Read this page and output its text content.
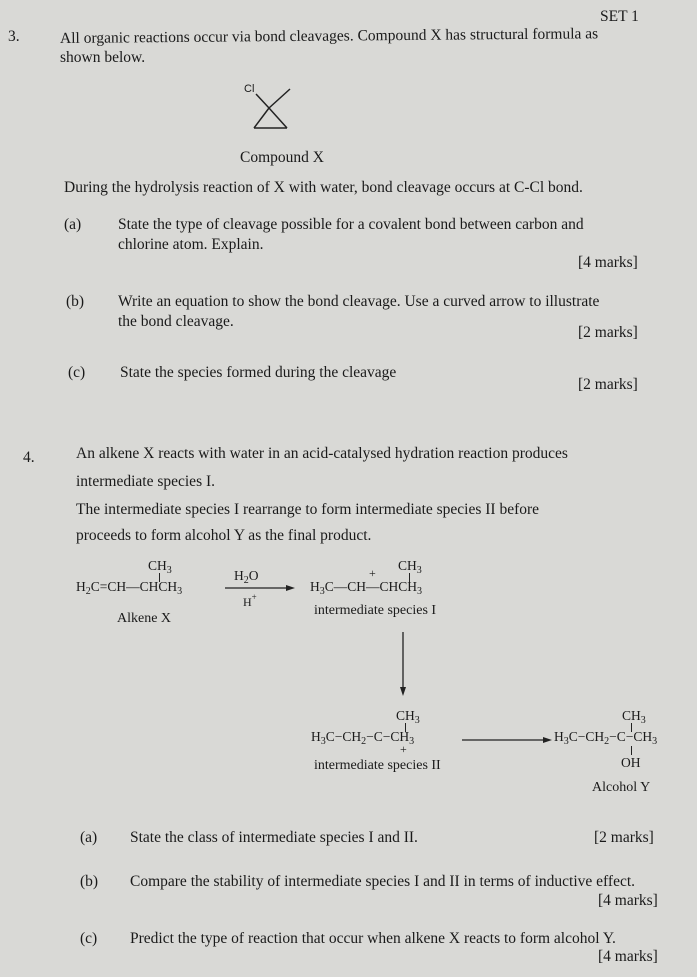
SET 1
3.	All organic reactions occur via bond cleavages. Compound X has structural formula as
shown below.
Cl
Compound X
During the hydrolysis reaction of X with water, bond cleavage occurs at C-Cl bond.
(a) State the type of cleavage possible for a covalent bond between carbon and
chlorine atom. Explain.
[4 marks]
(b) Write an equation to show the bond cleavage. Use a curved arrow to illustrate
the bond cleavage.
[2 marks]
(c) State the species formed during the cleavage
[2 marks]
4.	An alkene X reacts with water in an acid-catalysed hydration reaction produces
intermediate species I.
The intermediate species I rearrange to form intermediate species II before
proceeds to form alcohol Y as the final product.
$CH_3$
$H_2C=CH—CHCH_3$
$H_2O$
H+
$CH_3$
+
$H_3C—CH—CHCH_3$
Alkene X
intermediate species I
$CH_3$
$H_3C-CH_2-C-CH_3$
+
$CH_3$
$H_3C-CH_2-C-CH_3$
OH
intermediate species II
Alcohol Y
(a) State the class of intermediate species I and II.	[2 marks]
(b) Compare the stability of intermediate species I and II in terms of inductive effect.
[4 marks]
(c) Predict the type of reaction that occur when alkene X reacts to form alcohol Y.
[4 marks]
